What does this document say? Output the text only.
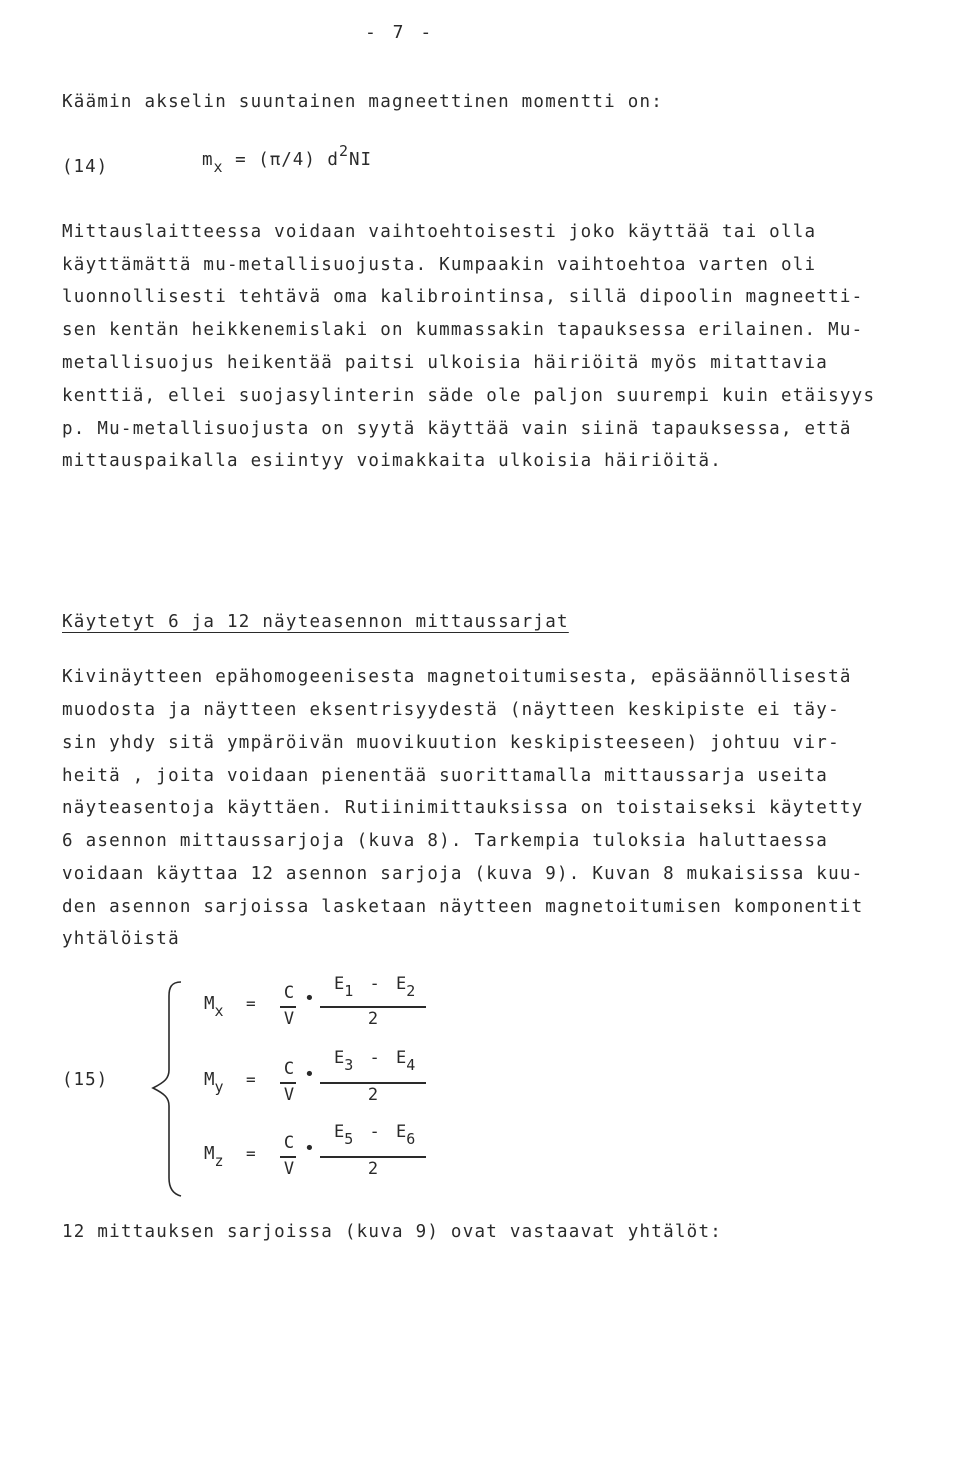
- 7 -
Käämin akselin suuntainen magneettinen momentti on:
(14)	mx = (π/4) d2NI
Mittauslaitteessa voidaan vaihtoehtoisesti joko käyttää tai olla
käyttämättä mu-metallisuojusta. Kumpaakin vaihtoehtoa varten oli
luonnollisesti tehtävä oma kalibrointinsa, sillä dipoolin magneetti-
sen kentän heikkenemislaki on kummassakin tapauksessa erilainen. Mu-
metallisuojus heikentää paitsi ulkoisia häiriöitä myös mitattavia
kenttiä, ellei suojasylinterin säde ole paljon suurempi kuin etäisyys
p. Mu-metallisuojusta on syytä käyttää vain siinä tapauksessa, että
mittauspaikalla esiintyy voimakkaita ulkoisia häiriöitä.
Käytetyt 6 ja 12 näyteasennon mittaussarjat
Kivinäytteen epähomogeenisesta magnetoitumisesta, epäsäännöllisestä
muodosta ja näytteen eksentrisyydestä (näytteen keskipiste ei täy-
sin yhdy sitä ympäröivän muovikuution keskipisteeseen) johtuu vir-
heitä , joita voidaan pienentää suorittamalla mittaussarja useita
näyteasentoja käyttäen. Rutiinimittauksissa on toistaiseksi käytetty
6 asennon mittaussarjoja (kuva 8). Tarkempia tuloksia haluttaessa
voidaan käyttaa 12 asennon sarjoja (kuva 9). Kuvan 8 mukaisissa kuu-
den asennon sarjoissa lasketaan näytteen magnetoitumisen komponentit
yhtälöistä
(15)
Mx =
C
V
•
E1 - E2
2
My =
C
V
•
E3 - E4
2
Mz =
C
V
•
E5 - E6
2
12 mittauksen sarjoissa (kuva 9) ovat vastaavat yhtälöt:
